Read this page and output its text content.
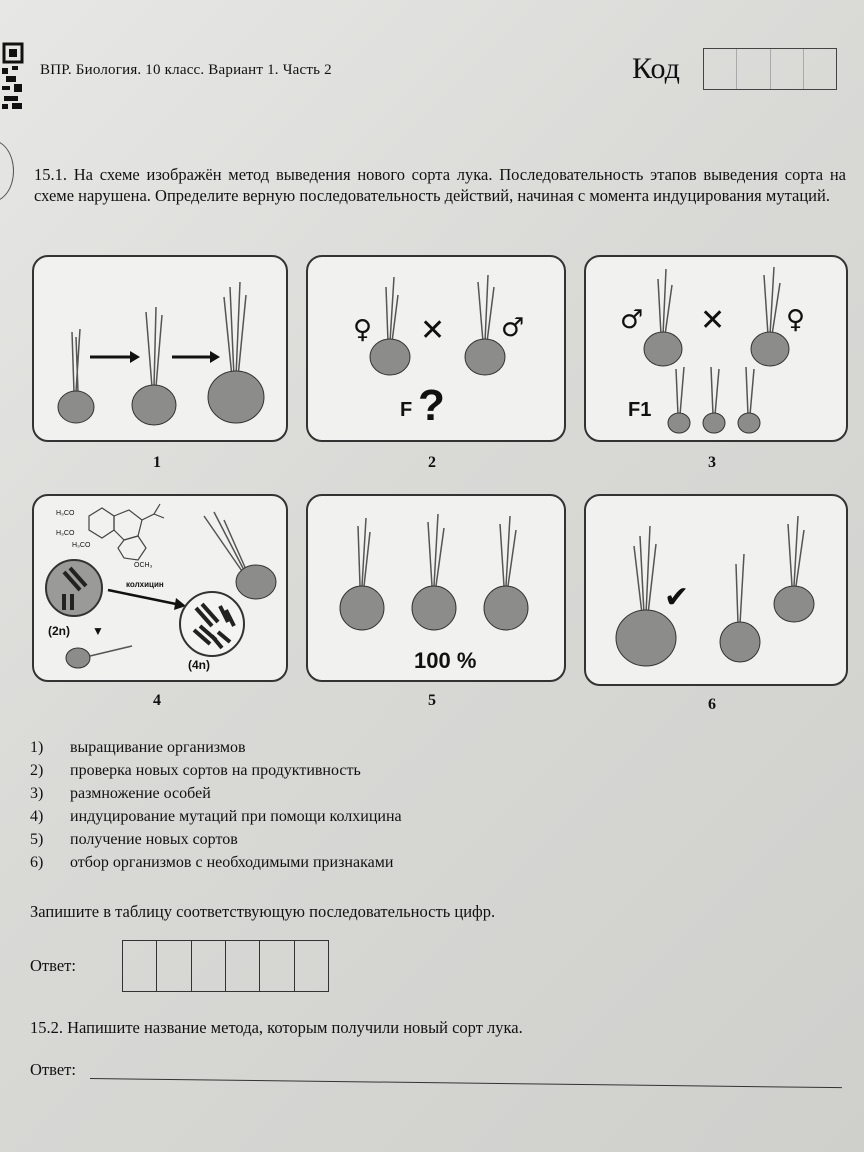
ВПР. Биология. 10 класс. Вариант 1. Часть 2	Код
15.1. На схеме изображён метод выведения нового сорта лука. Последовательность этапов выведения сорта на схеме нарушена. Определите верную последовательность действий, начиная с момента индуцирования мутаций.
1
♀ ✕ ♂
F ?
2
♂ ✕ ♀
F1
3
H₃CO
H₃CO
H₃CO
OCH₃
колхицин
(2n) ▼
(4n)
4
100 %
5
✔
6
1)	выращивание организмов
2)	проверка новых сортов на продуктивность
3)	размножение особей
4)	индуцирование мутаций при помощи колхицина
5)	получение новых сортов
6)	отбор организмов с необходимыми признаками
Запишите в таблицу соответствующую последовательность цифр.
Ответ:
15.2. Напишите название метода, которым получили новый сорт лука.
Ответ:
